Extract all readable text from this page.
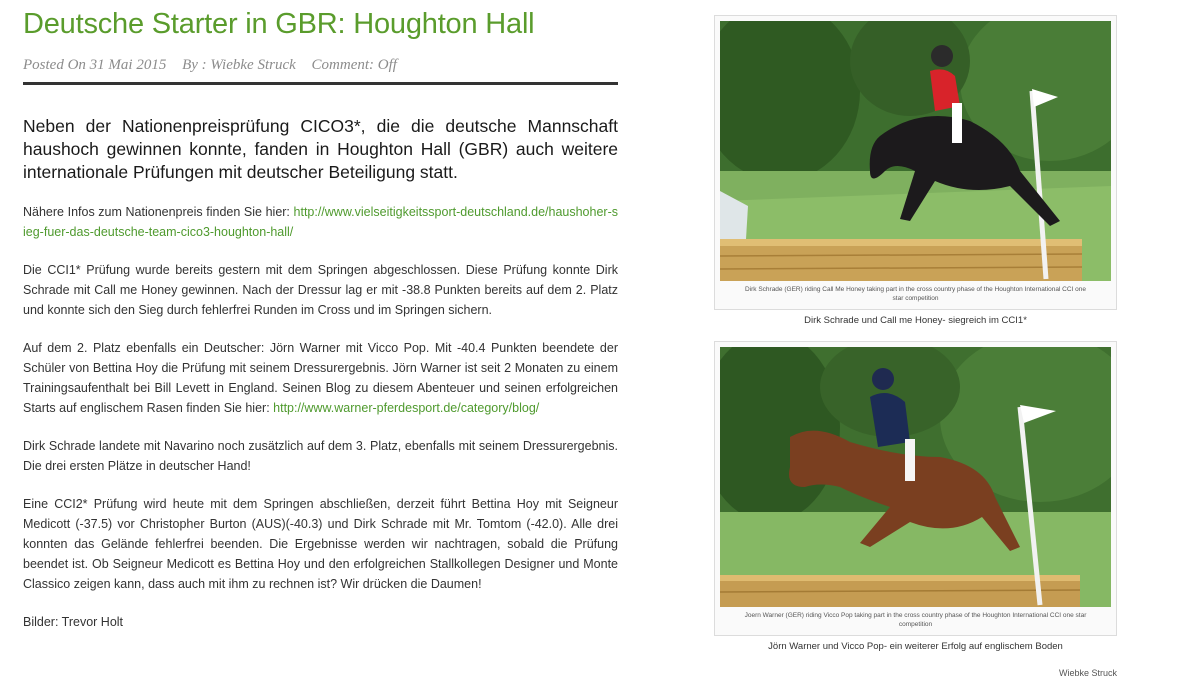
Deutsche Starter in GBR: Houghton Hall
Posted On 31 Mai 2015 By : Wiebke Struck Comment: Off

Neben der Nationenpreisprüfung CICO3*, die die deutsche Mannschaft haushoch gewinnen konnte, fanden in Houghton Hall (GBR) auch weitere internationale Prüfungen mit deutscher Beteiligung statt.

Nähere Infos zum Nationenpreis finden Sie hier: http://www.vielseitigkeitssport-deutschland.de/haushoher-sieg-fuer-das-deutsche-team-cico3-houghton-hall/

Die CCI1* Prüfung wurde bereits gestern mit dem Springen abgeschlossen. Diese Prüfung konnte Dirk Schrade mit Call me Honey gewinnen. Nach der Dressur lag er mit -38.8 Punkten bereits auf dem 2. Platz und konnte sich den Sieg durch fehlerfrei Runden im Cross und im Springen sichern.

Auf dem 2. Platz ebenfalls ein Deutscher: Jörn Warner mit Vicco Pop. Mit -40.4 Punkten beendete der Schüler von Bettina Hoy die Prüfung mit seinem Dressurergebnis. Jörn Warner ist seit 2 Monaten zu einem Trainingsaufenthalt bei Bill Levett in England. Seinen Blog zu diesem Abenteuer und seinen erfolgreichen Starts auf englischem Rasen finden Sie hier: http://www.warner-pferdesport.de/category/blog/

Dirk Schrade landete mit Navarino noch zusätzlich auf dem 3. Platz, ebenfalls mit seinem Dressurergebnis. Die drei ersten Plätze in deutscher Hand!

Eine CCI2* Prüfung wird heute mit dem Springen abschließen, derzeit führt Bettina Hoy mit Seigneur Medicott (-37.5) vor Christopher Burton (AUS)(-40.3) und Dirk Schrade mit Mr. Tomtom (-42.0). Alle drei konnten das Gelände fehlerfrei beenden. Die Ergebnisse werden wir nachtragen, sobald die Prüfung beendet ist. Ob Seigneur Medicott es Bettina Hoy und den erfolgreichen Stallkollegen Designer und Monte Classico zeigen kann, dass auch mit ihm zu rechnen ist? Wir drücken die Daumen!

Bilder: Trevor Holt

Dirk Schrade (GER) riding Call Me Honey taking part in the cross country phase of the Houghton International CCI one star competition
Dirk Schrade und Call me Honey- siegreich im CCI1*
Joern Warner (GER) riding Vicco Pop taking part in the cross country phase of the Houghton International CCI one star competition
Jörn Warner und Vicco Pop- ein weiterer Erfolg auf englischem Boden
Wiebke Struck
